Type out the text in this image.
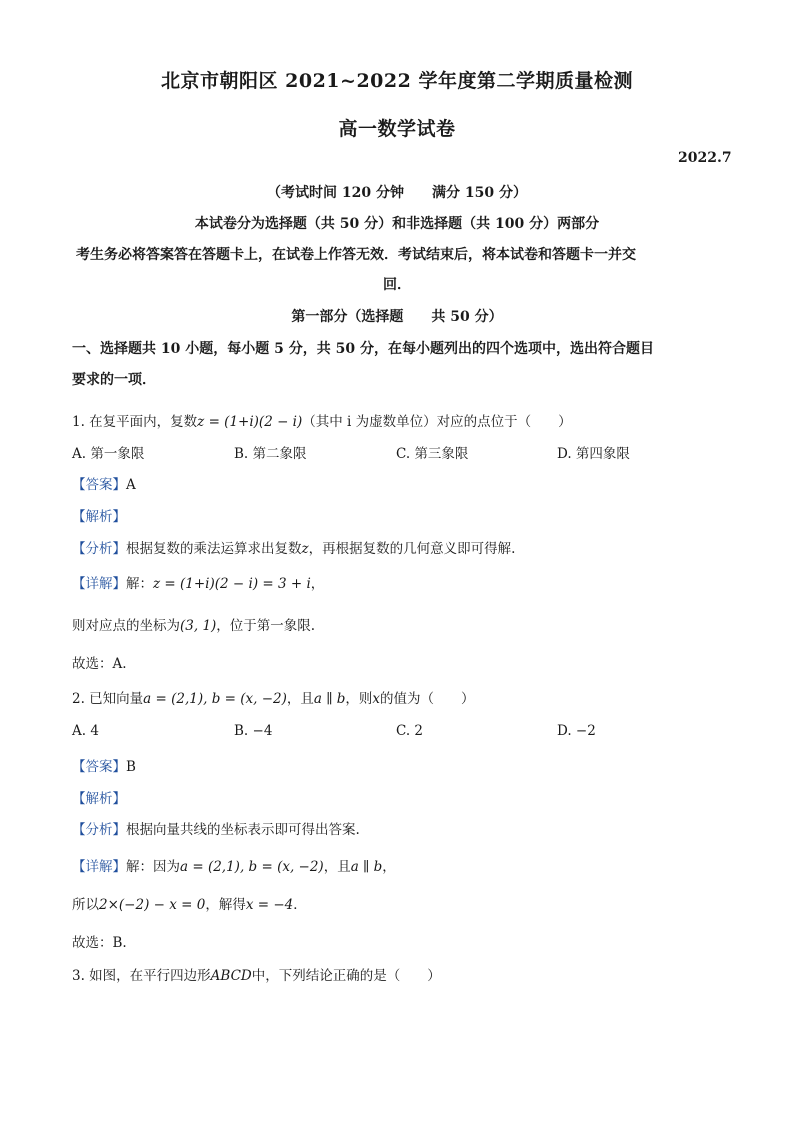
北京市朝阳区 2021~2022 学年度第二学期质量检测
高一数学试卷
2022.7
（考试时间 120 分钟　　满分 150 分）
本试卷分为选择题（共 50 分）和非选择题（共 100 分）两部分
考生务必将答案答在答题卡上，在试卷上作答无效．考试结束后，将本试卷和答题卡一并交
回．
第一部分（选择题　　共 50 分）
一、选择题共 10 小题，每小题 5 分，共 50 分，在每小题列出的四个选项中，选出符合题目
要求的一项．
1. 在复平面内，复数z = (1+i)(2 − i)（其中 i 为虚数单位）对应的点位于（　　）
A. 第一象限	B. 第二象限	C. 第三象限	D. 第四象限
【答案】A
【解析】
【分析】根据复数的乘法运算求出复数z，再根据复数的几何意义即可得解.
【详解】解：z = (1+i)(2 − i) = 3 + i，
则对应点的坐标为(3, 1)，位于第一象限.
故选：A.
2. 已知向量a = (2,1), b = (x, −2)，且a ∥ b，则x的值为（　　）
A. 4	B. −4	C. 2	D. −2
【答案】B
【解析】
【分析】根据向量共线的坐标表示即可得出答案.
【详解】解：因为a = (2,1), b = (x, −2)，且a ∥ b，
所以2×(−2) − x = 0，解得x = −4．
故选：B.
3. 如图，在平行四边形ABCD中，下列结论正确的是（　　）
